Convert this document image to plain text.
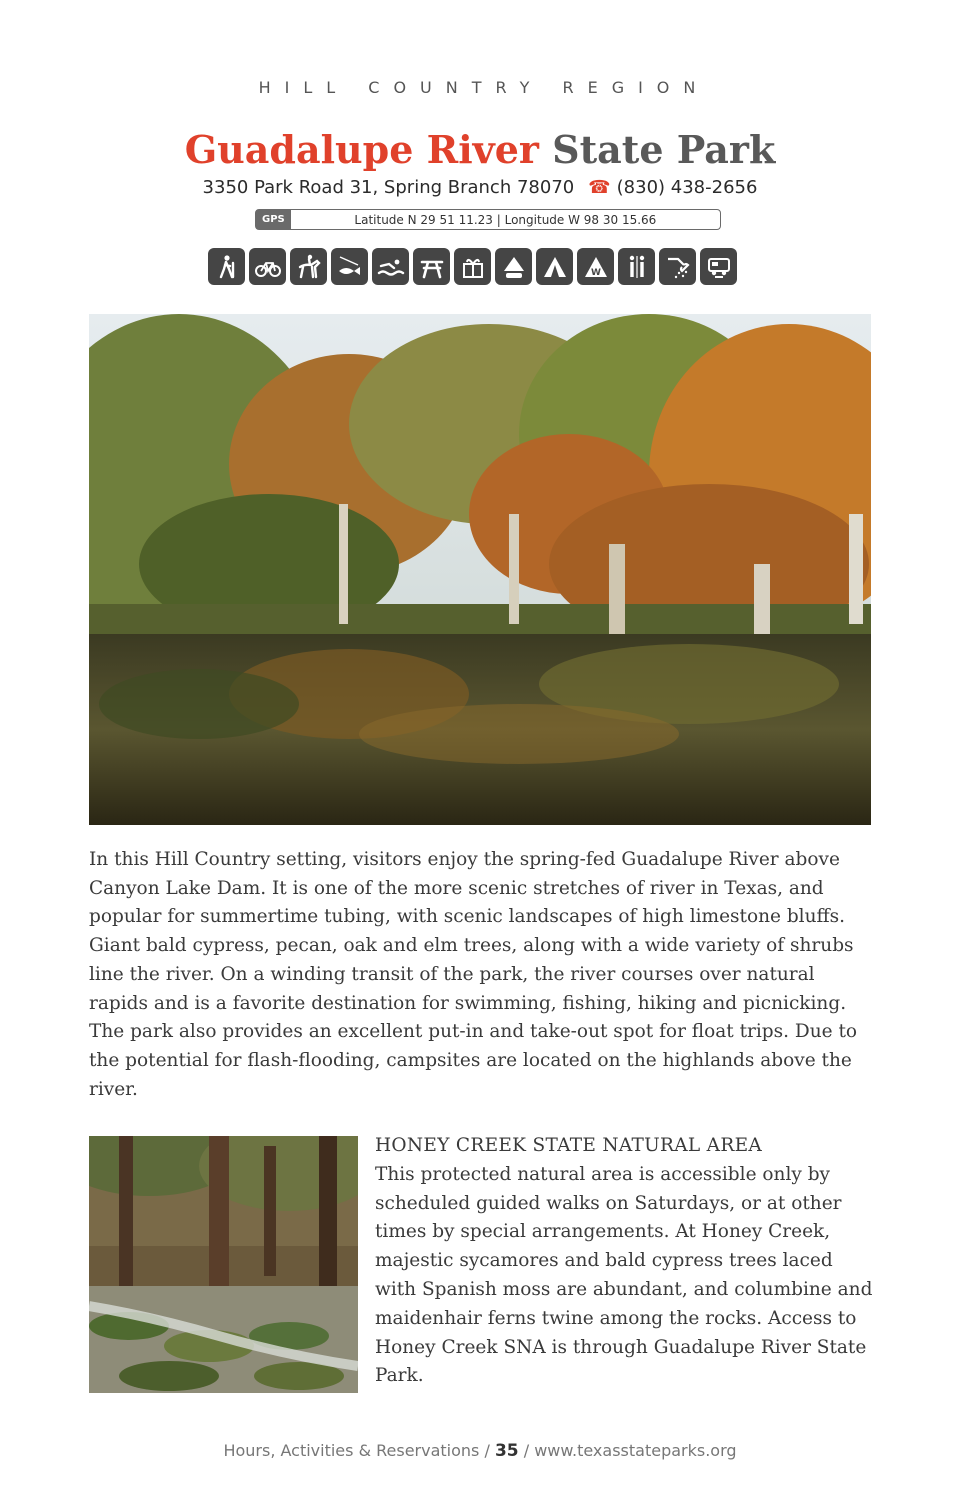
HILL COUNTRY REGION
Guadalupe River State Park
3350 Park Road 31, Spring Branch 78070 ☎ (830) 438-2656
GPS	Latitude N 29 51 11.23 | Longitude W 98 30 15.66
W
In this Hill Country setting, visitors enjoy the spring-fed Guadalupe River above Canyon Lake Dam. It is one of the more scenic stretches of river in Texas, and popular for summertime tubing, with scenic landscapes of high limestone bluffs. Giant bald cypress, pecan, oak and elm trees, along with a wide variety of shrubs line the river. On a winding transit of the park, the river courses over natural rapids and is a favorite destination for swimming, fishing, hiking and picnicking. The park also provides an excellent put-in and take-out spot for float trips. Due to the potential for flash-flooding, campsites are located on the highlands above the river.
HONEY CREEK STATE NATURAL AREA
This protected natural area is accessible only by scheduled guided walks on Saturdays, or at other times by special arrangements. At Honey Creek, majestic sycamores and bald cypress trees laced with Spanish moss are abundant, and columbine and maidenhair ferns twine among the rocks. Access to Honey Creek SNA is through Guadalupe River State Park.
Hours, Activities & Reservations / 35 / www.texasstateparks.org
